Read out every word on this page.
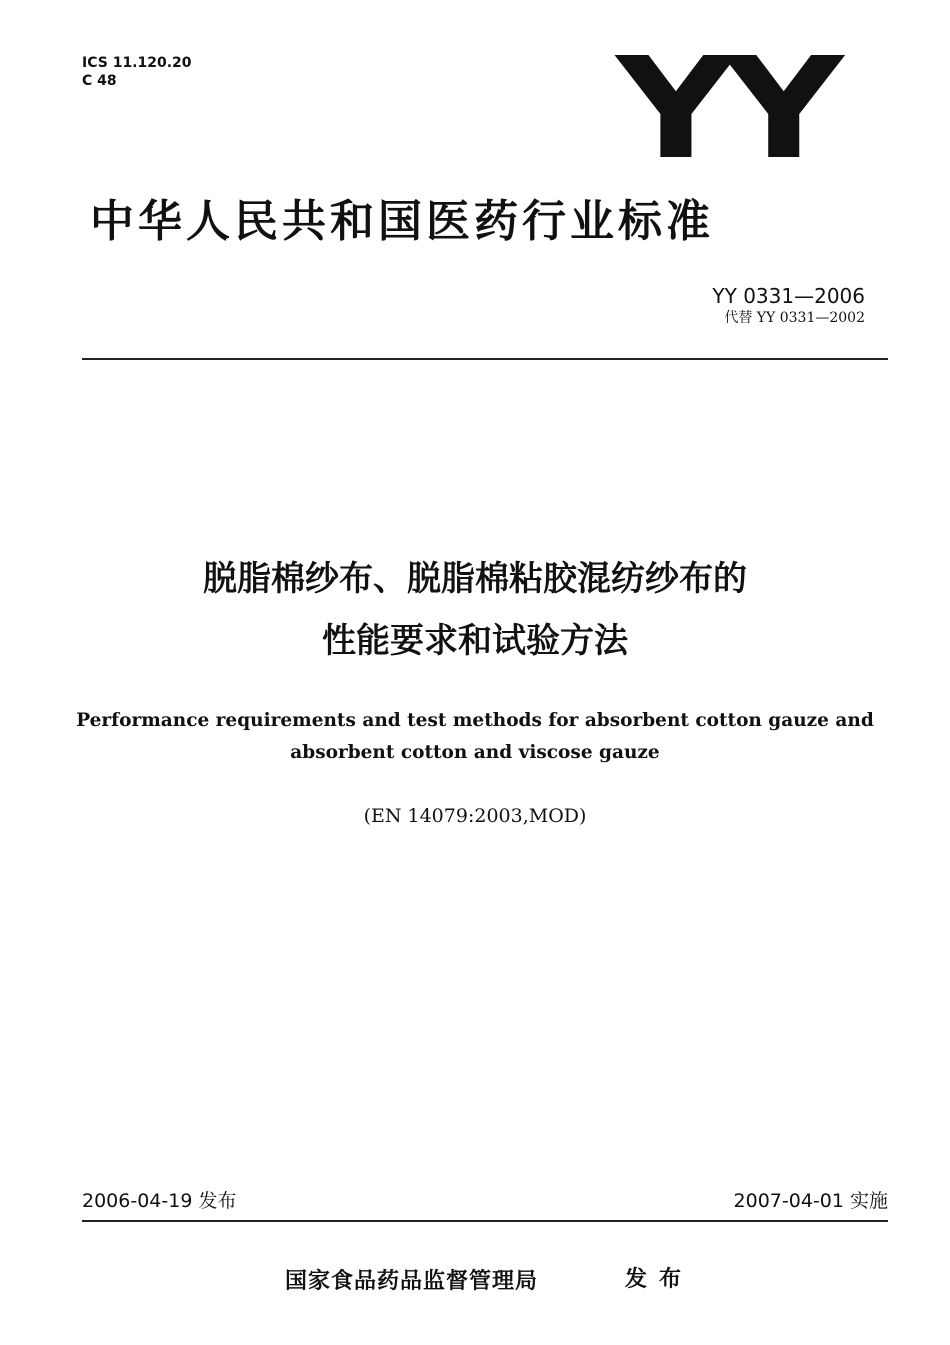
ICS 11.120.20
C 48	YY
中华人民共和国医药行业标准
YY 0331—2006
代替 YY 0331—2002
脱脂棉纱布、脱脂棉粘胶混纺纱布的
性能要求和试验方法
Performance requirements and test methods for absorbent cotton gauze and
absorbent cotton and viscose gauze
(EN 14079:2003,MOD)
2006-04-19 发布	2007-04-01 实施
国家食品药品监督管理局	发布
